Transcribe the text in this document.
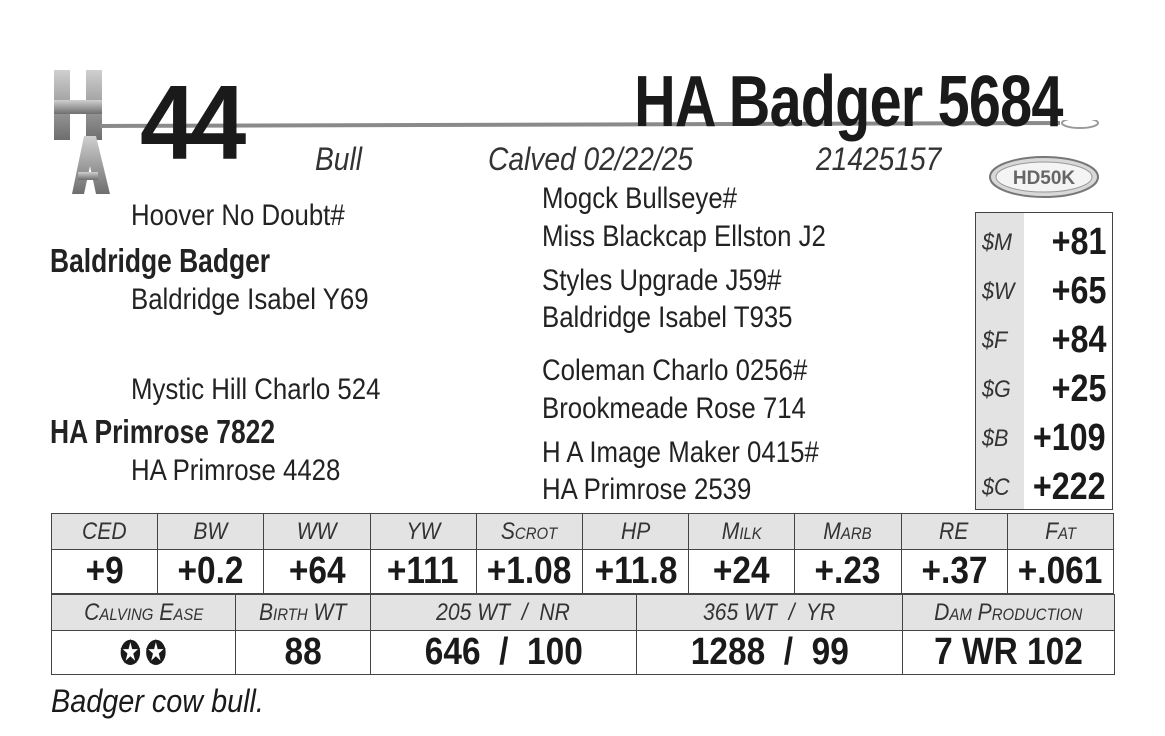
44	HA Badger 5684
Bull	Calved 02/22/25	21425157
HD50K
Hoover No Doubt#
Baldridge Badger
Baldridge Isabel Y69
Mystic Hill Charlo 524
HA Primrose 7822
HA Primrose 4428
Mogck Bullseye#
Miss Blackcap Ellston J2
Styles Upgrade J59#
Baldridge Isabel T935
Coleman Charlo 0256#
Brookmeade Rose 714
H A Image Maker 0415#
HA Primrose 2539
$M +81
$W +65
$F +84
$G +25
$B +109
$C +222
CED	BW	WW	YW	Scrot	HP	Milk	Marb	RE	Fat
+9	+0.2	+64	+111	+1.08	+11.8	+24	+.23	+.37	+.061
Calving Ease	Birth WT	205 WT  /  NR	365 WT  /  YR	Dam Production
✪✪	88	646  /  100	1288  /  99	7 WR 102
Badger cow bull.
